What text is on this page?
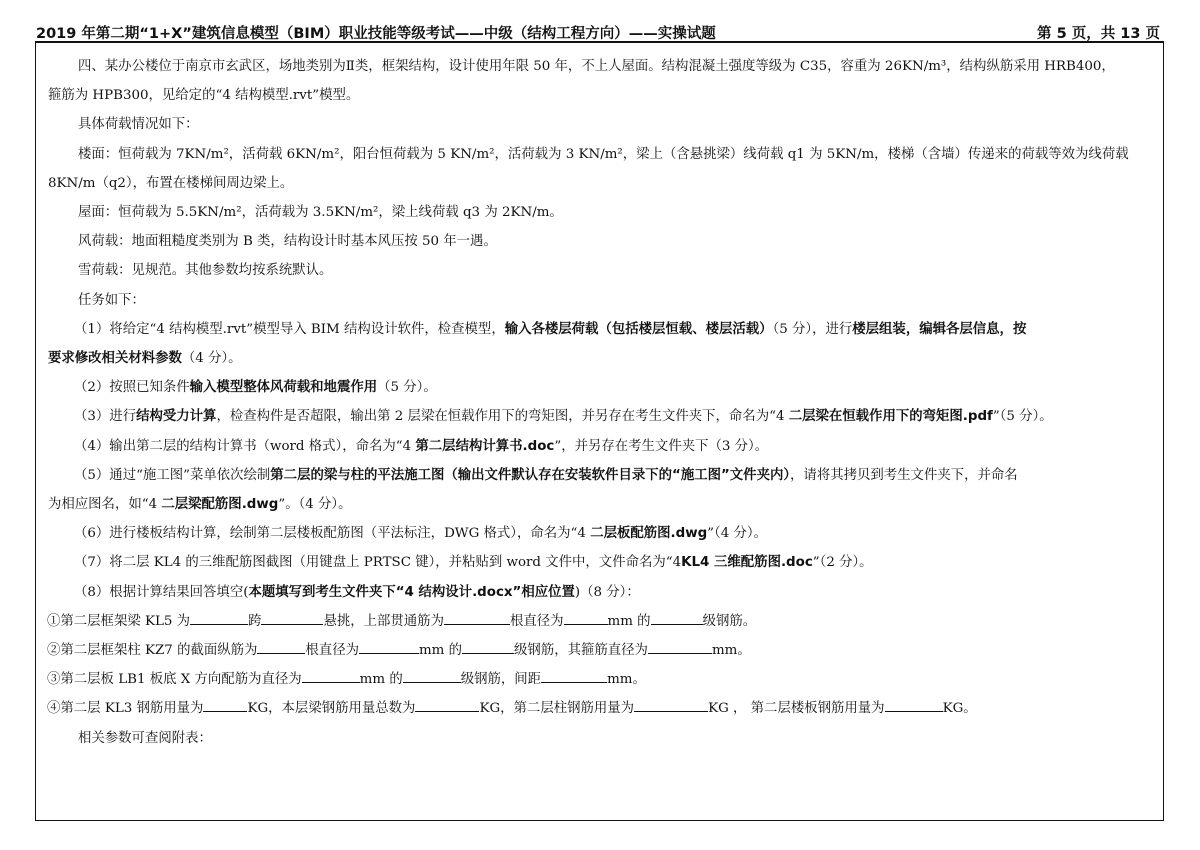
2019 年第二期“1+X”建筑信息模型（BIM）职业技能等级考试——中级（结构工程方向）——实操试题	第 5 页，共 13 页

四、某办公楼位于南京市玄武区，场地类别为Ⅱ类，框架结构，设计使用年限 50 年，不上人屋面。结构混凝土强度等级为 C35，容重为 26KN/m³，结构纵筋采用 HRB400，

箍筋为 HPB300，见给定的“4 结构模型.rvt”模型。

具体荷载情况如下：

楼面：恒荷载为 7KN/m²，活荷载 6KN/m²，阳台恒荷载为 5 KN/m²，活荷载为 3 KN/m²，梁上（含悬挑梁）线荷载 q1 为 5KN/m，楼梯（含墙）传递来的荷载等效为线荷载

8KN/m（q2），布置在楼梯间周边梁上。

屋面：恒荷载为 5.5KN/m²，活荷载为 3.5KN/m²，梁上线荷载 q3 为 2KN/m。

风荷载：地面粗糙度类别为 B 类，结构设计时基本风压按 50 年一遇。

雪荷载：见规范。其他参数均按系统默认。

任务如下：

（1）将给定“4 结构模型.rvt”模型导入 BIM 结构设计软件，检查模型，输入各楼层荷载（包括楼层恒载、楼层活载）（5 分），进行楼层组装，编辑各层信息，按

要求修改相关材料参数（4 分）。

（2）按照已知条件输入模型整体风荷载和地震作用（5 分）。

（3）进行结构受力计算，检查构件是否超限，输出第 2 层梁在恒载作用下的弯矩图，并另存在考生文件夹下，命名为“4 二层梁在恒载作用下的弯矩图.pdf”（5 分）。

（4）输出第二层的结构计算书（word 格式），命名为“4 第二层结构计算书.doc”，并另存在考生文件夹下（3 分）。

（5）通过“施工图”菜单依次绘制第二层的梁与柱的平法施工图（输出文件默认存在安装软件目录下的“施工图”文件夹内），请将其拷贝到考生文件夹下，并命名

为相应图名，如“4 二层梁配筋图.dwg”。（4 分）。

（6）进行楼板结构计算，绘制第二层楼板配筋图（平法标注，DWG 格式），命名为“4 二层板配筋图.dwg”（4 分）。

（7）将二层 KL4 的三维配筋图截图（用键盘上 PRTSC 键），并粘贴到 word 文件中，文件命名为“4KL4 三维配筋图.doc”（2 分）。

（8）根据计算结果回答填空(本题填写到考生文件夹下“4 结构设计.docx”相应位置)（8 分）：

①第二层框架梁 KL5 为	跨	悬挑，上部贯通筋为	根直径为	mm 的	级钢筋。

②第二层框架柱 KZ7 的截面纵筋为	根直径为	mm 的	级钢筋，其箍筋直径为	mm。

③第二层板 LB1 板底 X 方向配筋为直径为	mm 的	级钢筋，间距	mm。

④第二层 KL3 钢筋用量为	KG，本层梁钢筋用量总数为	KG，第二层柱钢筋用量为	KG ， 第二层楼板钢筋用量为	KG。

相关参数可查阅附表：
